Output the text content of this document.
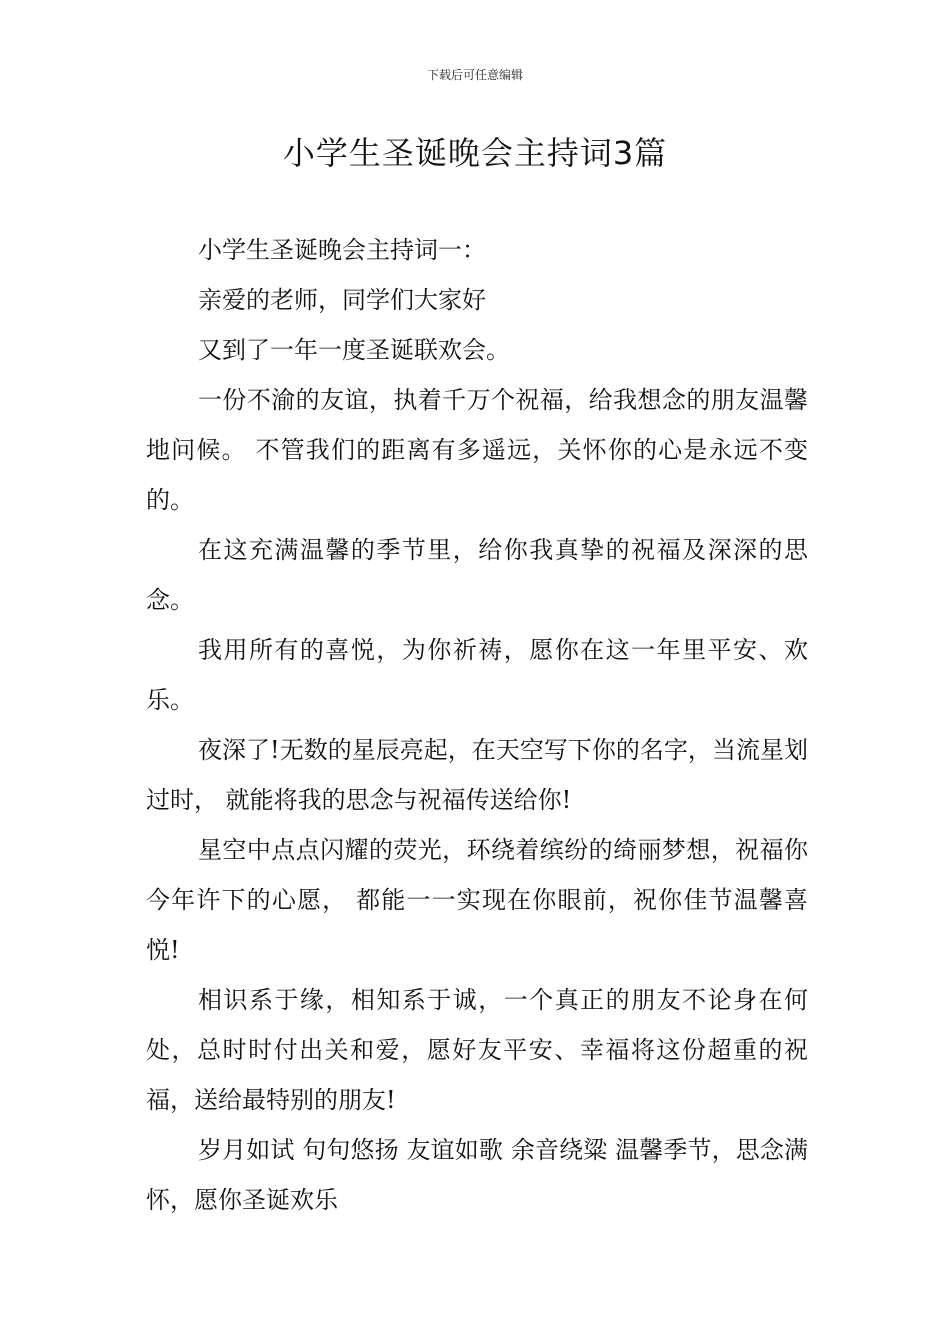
下载后可任意编辑
小学生圣诞晚会主持词3篇

小学生圣诞晚会主持词一：

亲爱的老师，同学们大家好

又到了一年一度圣诞联欢会。

一份不渝的友谊，执着千万个祝福，给我想念的朋友温馨地问候。 不管我们的距离有多遥远，关怀你的心是永远不变的。

在这充满温馨的季节里，给你我真挚的祝福及深深的思念。

我用所有的喜悦，为你祈祷，愿你在这一年里平安、欢乐。

夜深了!无数的星辰亮起，在天空写下你的名字，当流星划过时， 就能将我的思念与祝福传送给你!

星空中点点闪耀的荧光，环绕着缤纷的绮丽梦想，祝福你今年许下的心愿， 都能一一实现在你眼前，祝你佳节温馨喜悦!

相识系于缘，相知系于诚，一个真正的朋友不论身在何处，总时时付出关和爱，愿好友平安、幸福将这份超重的祝福，送给最特别的朋友!

岁月如试 句句悠扬 友谊如歌 余音绕粱 温馨季节，思念满怀，愿你圣诞欢乐
